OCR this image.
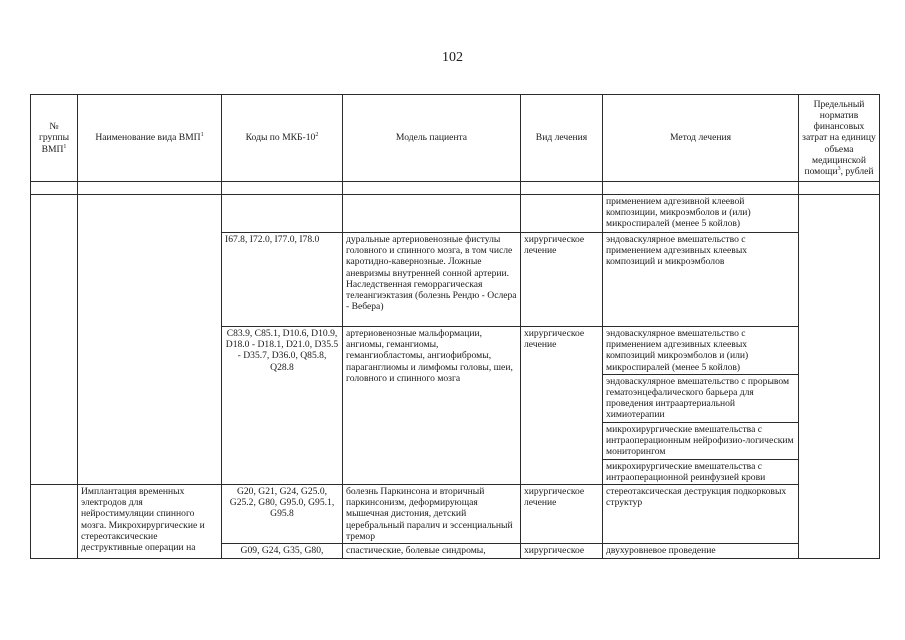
102
№ группы ВМП$^1$	Наименование вида ВМП$^1$	Коды по МКБ-$10^2$	Модель пациента	Вид лечения	Метод лечения	Предельный норматив финансовых затрат на единицу объема медицинской помощи$^3$, рублей

					применением адгезивной клеевой композиции, микроэмболов и (или) микроспиралей (менее 5 койлов)	
		I67.8, I72.0, I77.0, I78.0	дуральные артериовенозные фистулы головного и спинного мозга, в том числе каротидно-кавернозные. Ложные аневризмы внутренней сонной артерии. Наследственная геморрагическая телеангиэктазия (болезнь Рендю - Ослера - Вебера)	хирургическое лечение	эндоваскулярное вмешательство с применением адгезивных клеевых композиций и микроэмболов	
		C83.9, C85.1, D10.6, D10.9, D18.0 - D18.1, D21.0, D35.5 - D35.7, D36.0, Q85.8, Q28.8	артериовенозные мальформации, ангиомы, гемангиомы, гемангиобластомы, ангиофибромы, параганглиомы и лимфомы головы, шеи, головного и спинного мозга	хирургическое лечение	эндоваскулярное вмешательство с применением адгезивных клеевых композиций микроэмболов и (или) микроспиралей (менее 5 койлов)	
					эндоваскулярное вмешательство с прорывом гематоэнцефалического барьера для проведения интраартериальной химиотерапии	
					микрохирургические вмешательства с интраоперационным нейрофизио-логическим мониторингом	
					микрохирургические вмешательства с интраоперационной реинфузией крови	
	Имплантация временных электродов для нейростимуляции спинного мозга. Микрохирургические и стереотаксические деструктивные операции на	G20, G21, G24, G25.0, G25.2, G80, G95.0, G95.1, G95.8	болезнь Паркинсона и вторичный паркинсонизм, деформирующая мышечная дистония, детский церебральный паралич и эссенциальный тремор	хирургическое лечение	стереотаксическая деструкция подкорковых структур	
		G09, G24, G35, G80,	спастические, болевые синдромы,	хирургическое	двухуровневое проведение	
